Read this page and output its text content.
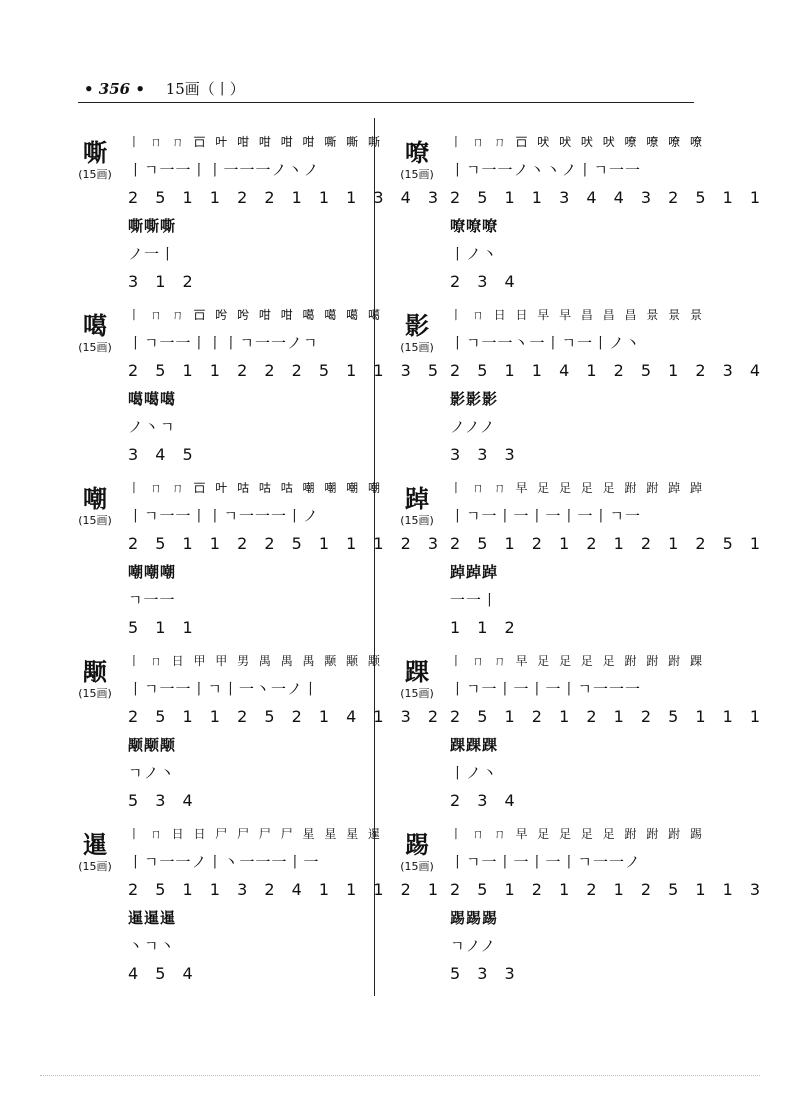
• 356 • 15画（丨）
嘶
(15画)
丨 ㄇ ㄇ 𠮛 叶 咁 咁 咁 咁 嘶 嘶 嘶
丨ㄱ一一丨丨一一一ノ丶ノ
2 5 1 1 2 2 1 1 1 3 4 3
嘶嘶嘶
ノ一丨
3 1 2
噶
(15画)
丨 ㄇ ㄇ 𠮛 𠯋 𠯋 咁 咁 噶 噶 噶 噶
丨ㄱ一一丨丨丨ㄱ一一ノㄱ
2 5 1 1 2 2 2 5 1 1 3 5
噶噶噶
ノ丶ㄱ
3 4 5
嘲
(15画)
丨 ㄇ ㄇ 𠮛 叶 咕 咕 咕 嘲 嘲 嘲 嘲
丨ㄱ一一丨丨ㄱ一一一丨ノ
2 5 1 1 2 2 5 1 1 1 2 3
嘲嘲嘲
ㄱ一一
5 1 1
颙
(15画)
丨 ㄇ 日 甲 甲 男 禺 禺 禺 颙 颙 颙
丨ㄱ一一丨ㄱ丨一丶一ノ丨
2 5 1 1 2 5 2 1 4 1 3 2
颙颙颙
ㄱノ丶
5 3 4
暹
(15画)
丨 ㄇ 日 日 尸 尸 尸 尸 星 星 星 暹
丨ㄱ一一ノ丨丶一一一丨一
2 5 1 1 3 2 4 1 1 1 2 1
暹暹暹
丶ㄱ丶
4 5 4
嘹
(15画)
丨 ㄇ ㄇ 𠮛 吠 吠 吠 吠 嘹 嘹 嘹 嘹
丨ㄱ一一ノ丶丶ノ丨ㄱ一一
2 5 1 1 3 4 4 3 2 5 1 1
嘹嘹嘹
丨ノ丶
2 3 4
影
(15画)
丨 ㄇ 日 日 早 早 昌 昌 昌 景 景 景
丨ㄱ一一丶一丨ㄱ一丨ノ丶
2 5 1 1 4 1 2 5 1 2 3 4
影影影
ノノノ
3 3 3
踔
(15画)
丨 ㄇ ㄇ 早 足 足 足 足 跗 跗 踔 踔
丨ㄱ一丨一丨一丨一丨ㄱ一
2 5 1 2 1 2 1 2 1 2 5 1
踔踔踔
一一丨
1 1 2
踝
(15画)
丨 ㄇ ㄇ 早 足 足 足 足 跗 跗 跗 踝
丨ㄱ一丨一丨一丨ㄱ一一一
2 5 1 2 1 2 1 2 5 1 1 1
踝踝踝
丨ノ丶
2 3 4
踢
(15画)
丨 ㄇ ㄇ 早 足 足 足 足 跗 跗 跗 踢
丨ㄱ一丨一丨一丨ㄱ一一ノ
2 5 1 2 1 2 1 2 5 1 1 3
踢踢踢
ㄱノノ
5 3 3
